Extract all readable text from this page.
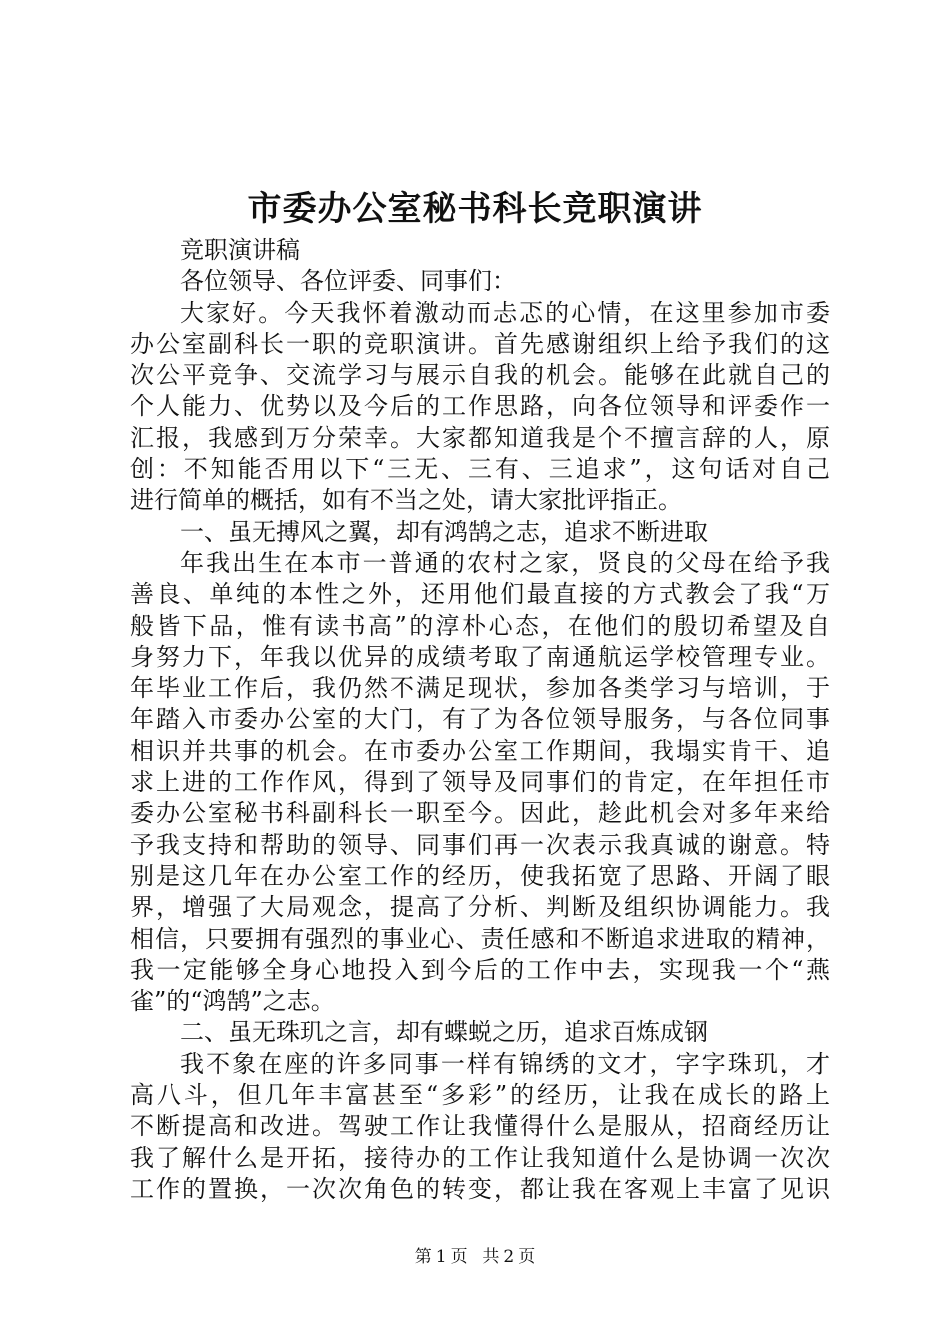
市委办公室秘书科长竞职演讲
竞职演讲稿
各位领导、各位评委、同事们：
大家好。今天我怀着激动而忐忑的心情，在这里参加市委
办公室副科长一职的竞职演讲。首先感谢组织上给予我们的这
次公平竞争、交流学习与展示自我的机会。能够在此就自己的
个人能力、优势以及今后的工作思路，向各位领导和评委作一
汇报，我感到万分荣幸。大家都知道我是个不擅言辞的人，原
创：不知能否用以下“三无、三有、三追求”，这句话对自己
进行简单的概括，如有不当之处，请大家批评指正。
一、虽无搏风之翼，却有鸿鹄之志，追求不断进取
年我出生在本市一普通的农村之家，贤良的父母在给予我
善良、单纯的本性之外，还用他们最直接的方式教会了我“万
般皆下品，惟有读书高”的淳朴心态，在他们的殷切希望及自
身努力下，年我以优异的成绩考取了南通航运学校管理专业。
年毕业工作后，我仍然不满足现状，参加各类学习与培训，于
年踏入市委办公室的大门，有了为各位领导服务，与各位同事
相识并共事的机会。在市委办公室工作期间，我塌实肯干、追
求上进的工作作风，得到了领导及同事们的肯定，在年担任市
委办公室秘书科副科长一职至今。因此，趁此机会对多年来给
予我支持和帮助的领导、同事们再一次表示我真诚的谢意。特
别是这几年在办公室工作的经历，使我拓宽了思路、开阔了眼
界，增强了大局观念，提高了分析、判断及组织协调能力。我
相信，只要拥有强烈的事业心、责任感和不断追求进取的精神，
我一定能够全身心地投入到今后的工作中去，实现我一个“燕
雀”的“鸿鹄”之志。
二、虽无珠玑之言，却有蝶蜕之历，追求百炼成钢
我不象在座的许多同事一样有锦绣的文才，字字珠玑，才
高八斗，但几年丰富甚至“多彩”的经历，让我在成长的路上
不断提高和改进。驾驶工作让我懂得什么是服从，招商经历让
我了解什么是开拓，接待办的工作让我知道什么是协调一次次
工作的置换，一次次角色的转变，都让我在客观上丰富了见识
第 1 页 共 2 页
